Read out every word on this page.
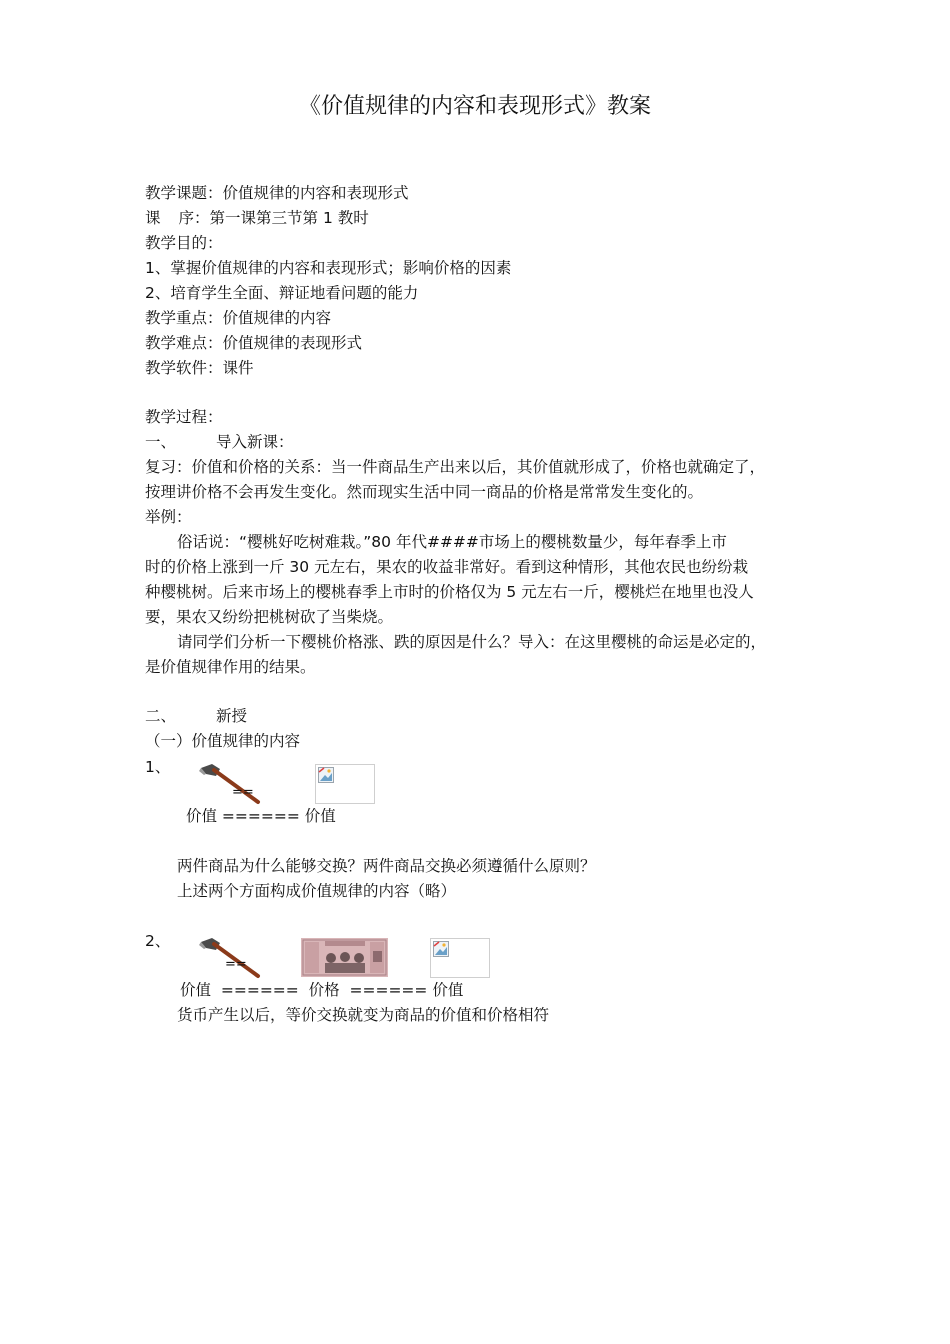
《价值规律的内容和表现形式》教案
教学课题：价值规律的内容和表现形式
课 序：第一课第三节第 1 教时
教学目的：
1、掌握价值规律的内容和表现形式；影响价格的因素
2、培育学生全面、辩证地看问题的能力
教学重点：价值规律的内容
教学难点：价值规律的表现形式
教学软件：课件
教学过程：
一、	导入新课：
复习：价值和价格的关系：当一件商品生产出来以后，其价值就形成了，价格也就确定了，
按理讲价格不会再发生变化。然而现实生活中同一商品的价格是常常发生变化的。
举例：
俗话说：“樱桃好吃树难栽。”80 年代####市场上的樱桃数量少，每年春季上市
时的价格上涨到一斤 30 元左右，果农的收益非常好。看到这种情形，其他农民也纷纷栽
种樱桃树。后来市场上的樱桃春季上市时的价格仅为 5 元左右一斤，樱桃烂在地里也没人
要，果农又纷纷把桃树砍了当柴烧。
请同学们分析一下樱桃价格涨、跌的原因是什么？导入：在这里樱桃的命运是必定的，
是价值规律作用的结果。
二、	新授
（一）价值规律的内容
1、
==
价值 ====== 价值
两件商品为什么能够交换？两件商品交换必须遵循什么原则？
上述两个方面构成价值规律的内容（略）
2、
==
价值  ======  价格  ====== 价值
货币产生以后，等价交换就变为商品的价值和价格相符
